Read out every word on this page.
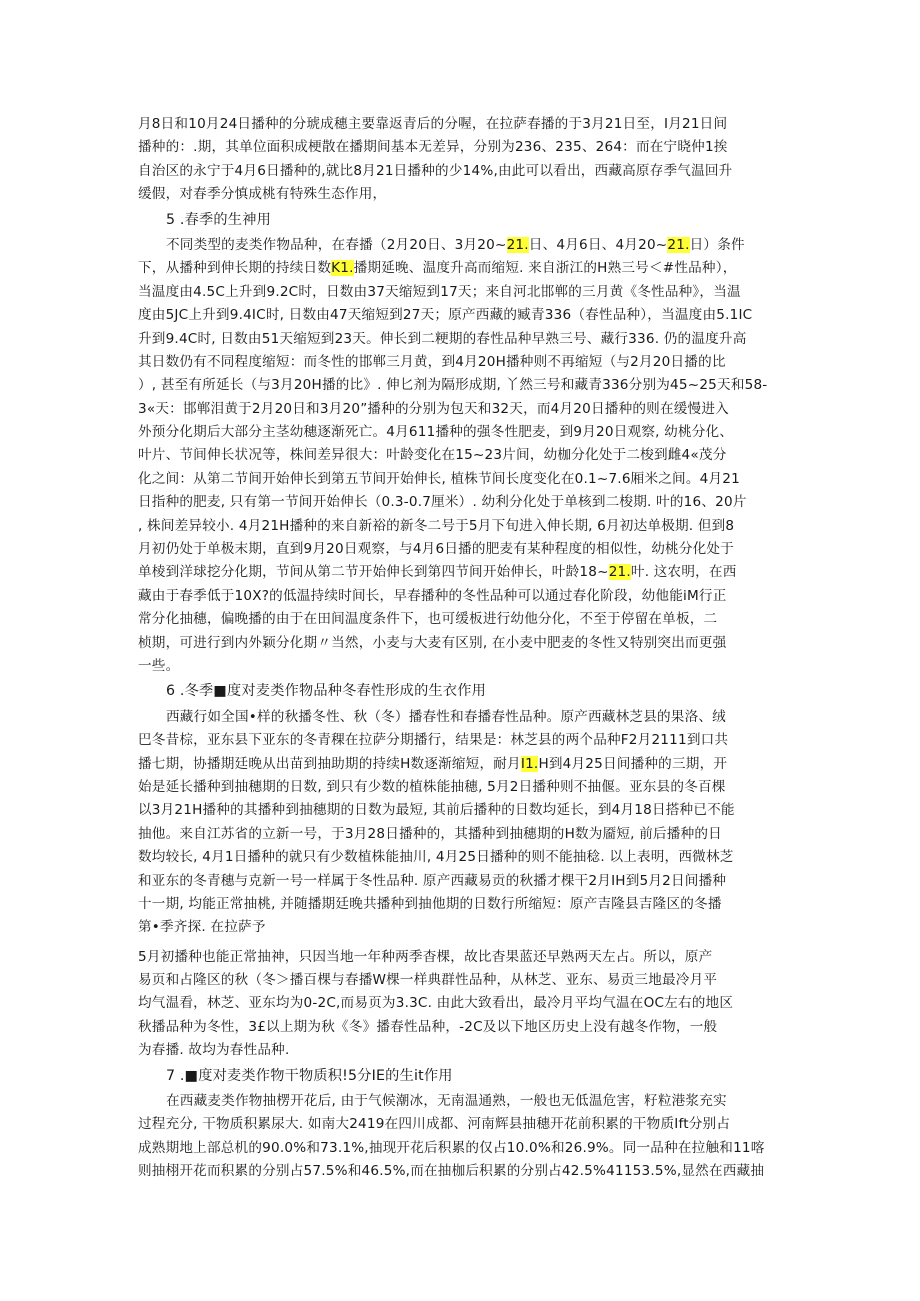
月8日和10月24日播种的分琥成穗主要靠返青后的分喔，在拉萨春播的于3月21日至，I月21日间
播种的：.期，其单位面积成梗散在播期间基本无差异，分别为236、235、264：而在宁晓仲1挨
自治区的永宁于4月6日播种的,就比8月21日播种的少14%,由此可以看出，西藏高原存季气温回升
缓假，对春季分慎成桃有特殊生态作用，
5 .春季的生神用
不同类型的麦类作物品种，在春播（2月20日、3月20~21.日、4月6日、4月20~21.日）条件
下，从播种到伸长期的持续日数K1.播期延晚、温度升高而缩短. 来自浙江的H熟三号＜#性品种），
当温度由4.5C上升到9.2C时，日数由37天缩短到17天；来自河北邯郸的三月黄《冬性品种》，当温
度由5JC上升到9.4IC时, 日数由47天缩短到27天；原产西藏的臧青336（春性品种），当温度由5.1IC
升到9.4C时, 日数由51天缩短到23天。伸长到二粳期的春性品种早熟三号、藏行336. 仍的温度升高
其日数仍有不同程度缩短：而冬性的邯郸三月黄，到4月20H播种则不再缩短（与2月20日播的比
）, 甚至有所延长（与3月20H播的比》. 伸匕剂为隔形成期, 丫然三号和藏青336分别为45~25天和58-
3«天：邯郸泪黄于2月20日和3月20”播种的分别为包天和32天，而4月20日播种的则在缓慢进入
外预分化期后大部分主茎幼穗逐渐死亡。4月611播种的强冬性肥麦，到9月20日观察, 幼桃分化、
叶片、节间伸长状况等，株间差异很大：叶龄变化在15~23片间，幼枷分化处于二梭到雌4«茂分
化之间：从第二节间开始伸长到第五节间开始伸长, 植株节间长度变化在0.1~7.6厢米之间。4月21
日指种的肥麦, 只有第一节间开始伸长（0.3-0.7厘米）. 幼利分化处于单核到二梭期. 叶的16、20片
, 株间差异较小. 4月21H播种的来自新裕的新冬二号于5月下旬进入伸长期, 6月初达单极期. 但到8
月初仍处于单极末期，直到9月20日观察，与4月6日播的肥麦有某种程度的相似性，幼桃分化处于
单棱到洋球挖分化期，节间从第二节开始伸长到第四节间开始伸长，叶龄18~21.叶. 这农明，在西
藏由于春季低于10X?的低温持续时间长，早春播种的冬性品种可以通过春化阶段，幼他能iM行正
常分化抽穗，偏晚播的由于在田间温度条件下，也可缓板进行幼他分化，不至于停留在单板，二
桢期，可进行到内外颖分化期〃当然，小麦与大麦有区别, 在小麦中肥麦的冬性又特别突出而更强
一些。
6 .冬季■度对麦类作物品种冬春性形成的生衣作用
西藏行如全国•样的秋播冬性、秋（冬）播春性和春播春性品种。原产西藏林芝县的果洛、绒
巴冬昔棕，亚东县下亚东的冬青稞在拉萨分期播行，结果是：林芝县的两个品种F2月2111到口共
播七期，协播期廷晚从出苗到抽助期的持续H数逐渐缩短，耐月I1.H到4月25日间播种的三期，开
始是延长播种到抽穗期的日数, 到只有少数的植株能抽穗, 5月2日播种则不抽偃。亚东县的冬百棵
以3月21H播种的其播种到抽穗期的日数为最短, 其前后播种的日数均延长，到4月18日搭种已不能
抽他。来自江苏省的立新一号，于3月28日播种的，其播种到抽穗期的H数为靥短, 前后播种的日
数均较长, 4月1日播种的就只有少数植株能抽川, 4月25日播种的则不能抽稔. 以上表明，西微林芝
和亚东的冬青穗与克新一号一样属于冬性品种. 原产西藏易贡的秋播才棵干2月IH到5月2日间播种
十一期, 均能正常抽桃, 并随播期廷晚共播种到抽他期的日数行所缩短：原产吉隆县吉隆区的冬播
第•季齐探. 在拉萨予
5月初播种也能正常抽神，只因当地一年种两季杳棵，故比杳果蓝还早熟两天左占。所以，原产
易页和占隆区的秋（冬＞播百棵与春播W棵一样典群性品种，从林芝、亚东、易贡三地最冷月平
均气温看，林芝、亚东均为0-2C,而易页为3.3C. 由此大致看出，最冷月平均气温在OC左右的地区
秋播品种为冬性，3£以上期为秋《冬》播春性品种，-2C及以下地区历史上没有越冬作物，一般
为春播. 故均为春性品种.
7 .■度对麦类作物干物质积!5分IE的生it作用
在西藏麦类作物抽楞开花后, 由于气候潮冰，无南温通熟，一般也无低温危害，籽粒港浆充实
过程充分, 干物质积累尿大. 如南大2419在四川成都、河南辉县抽穗开花前积累的干物质Ift分别占
成熟期地上部总机的90.0%和73.1%,抽现开花后积累的仅占10.0%和26.9%。同一品种在拉触和11喀
则抽栩开花而积累的分别占57.5%和46.5%,而在抽枷后积累的分别占42.5%41153.5%,显然在西藏抽
